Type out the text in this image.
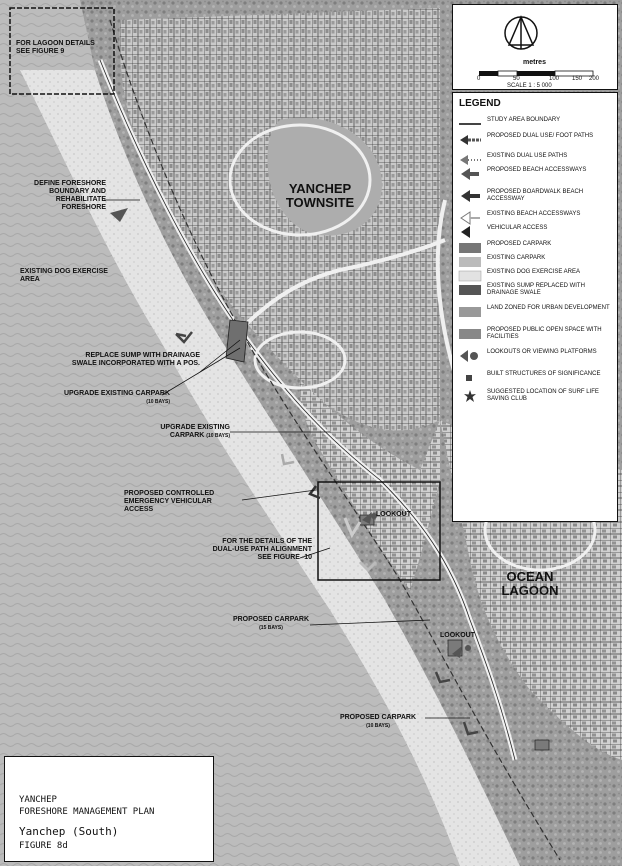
FOR LAGOON DETAILS SEE FIGURE 9
DEFINE FORESHORE BOUNDARY AND REHABILITATE FORESHORE
EXISTING DOG EXERCISE AREA
REPLACE SUMP WITH DRAINAGE SWALE INCORPORATED WITH A POS.
UPGRADE EXISTING CARPARK (10 BAYS)
UPGRADE EXISTING CARPARK (10 BAYS)
PROPOSED CONTROLLED EMERGENCY VEHICULAR ACCESS
FOR THE DETAILS OF THE DUAL-USE PATH ALIGNMENT SEE FIGURE -10
LOOKOUT
PROPOSED CARPARK
(15 BAYS)
LOOKOUT
PROPOSED CARPARK
(10 BAYS)
YANCHEP
TOWNSITE
OCEAN
LAGOON
metres
0	50	100 150 200
SCALE 1 : 5 000
LEGEND
STUDY AREA BOUNDARY
PROPOSED DUAL USE/ FOOT PATHS
EXISTING DUAL USE PATHS
PROPOSED BEACH ACCESSWAYS
PROPOSED BOARDWALK BEACH ACCESSWAY
EXISTING BEACH ACCESSWAYS
VEHICULAR ACCESS
PROPOSED CARPARK
EXISTING CARPARK
EXISTING DOG EXERCISE AREA
EXISTING SUMP REPLACED WITH DRAINAGE SWALE
LAND ZONED FOR URBAN DEVELOPMENT
PROPOSED PUBLIC OPEN SPACE WITH FACILITIES
LOOKOUTS OR VIEWING PLATFORMS
BUILT STRUCTURES OF SIGNIFICANCE
SUGGESTED LOCATION OF SURF LIFE SAVING CLUB
YANCHEP
FORESHORE MANAGEMENT PLAN
Yanchep (South)
FIGURE 8d
